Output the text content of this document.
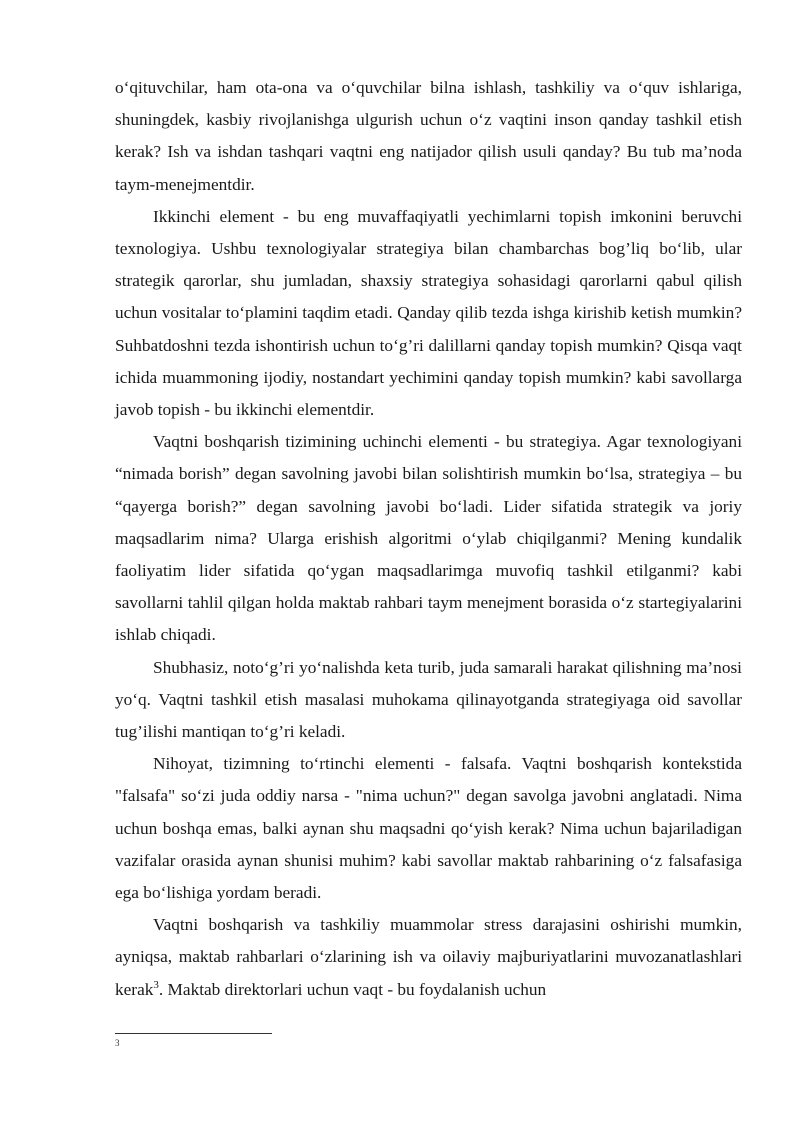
o‘qituvchilar, ham ota-ona va o‘quvchilar bilna ishlash, tashkiliy va o‘quv ishlariga, shuningdek, kasbiy rivojlanishga ulgurish uchun o‘z vaqtini inson qanday tashkil etish kerak? Ish va ishdan tashqari vaqtni eng natijador qilish usuli qanday? Bu tub ma’noda taym-menejmentdir.

Ikkinchi element - bu eng muvaffaqiyatli yechimlarni topish imkonini beruvchi texnologiya. Ushbu texnologiyalar strategiya bilan chambarchas bog’liq bo‘lib, ular strategik qarorlar, shu jumladan, shaxsiy strategiya sohasidagi qarorlarni qabul qilish uchun vositalar to‘plamini taqdim etadi. Qanday qilib tezda ishga kirishib ketish mumkin? Suhbatdoshni tezda ishontirish uchun to‘g’ri dalillarni qanday topish mumkin? Qisqa vaqt ichida muammoning ijodiy, nostandart yechimini qanday topish mumkin? kabi savollarga javob topish - bu ikkinchi elementdir.

Vaqtni boshqarish tizimining uchinchi elementi - bu strategiya. Agar texnologiyani “nimada borish” degan savolning javobi bilan solishtirish mumkin bo‘lsa, strategiya – bu “qayerga borish?” degan savolning javobi bo‘ladi. Lider sifatida strategik va joriy maqsadlarim nima? Ularga erishish algoritmi o‘ylab chiqilganmi? Mening kundalik faoliyatim lider sifatida qo‘ygan maqsadlarimga muvofiq tashkil etilganmi? kabi savollarni tahlil qilgan holda maktab rahbari taym menejment borasida o‘z startegiyalarini ishlab chiqadi.

Shubhasiz, noto‘g’ri yo‘nalishda keta turib, juda samarali harakat qilishning ma’nosi yo‘q. Vaqtni tashkil etish masalasi muhokama qilinayotganda strategiyaga oid savollar tug’ilishi mantiqan to‘g’ri keladi.

Nihoyat, tizimning to‘rtinchi elementi - falsafa. Vaqtni boshqarish kontekstida "falsafa" so‘zi juda oddiy narsa - "nima uchun?" degan savolga javobni anglatadi. Nima uchun boshqa emas, balki aynan shu maqsadni qo‘yish kerak? Nima uchun bajariladigan vazifalar orasida aynan shunisi muhim? kabi savollar maktab rahbarining o‘z falsafasiga ega bo‘lishiga yordam beradi.

Vaqtni boshqarish va tashkiliy muammolar stress darajasini oshirishi mumkin, ayniqsa, maktab rahbarlari o‘zlarining ish va oilaviy majburiyatlarini muvozanatlashlari kerak$^3$. Maktab direktorlari uchun vaqt - bu foydalanish uchun

3
